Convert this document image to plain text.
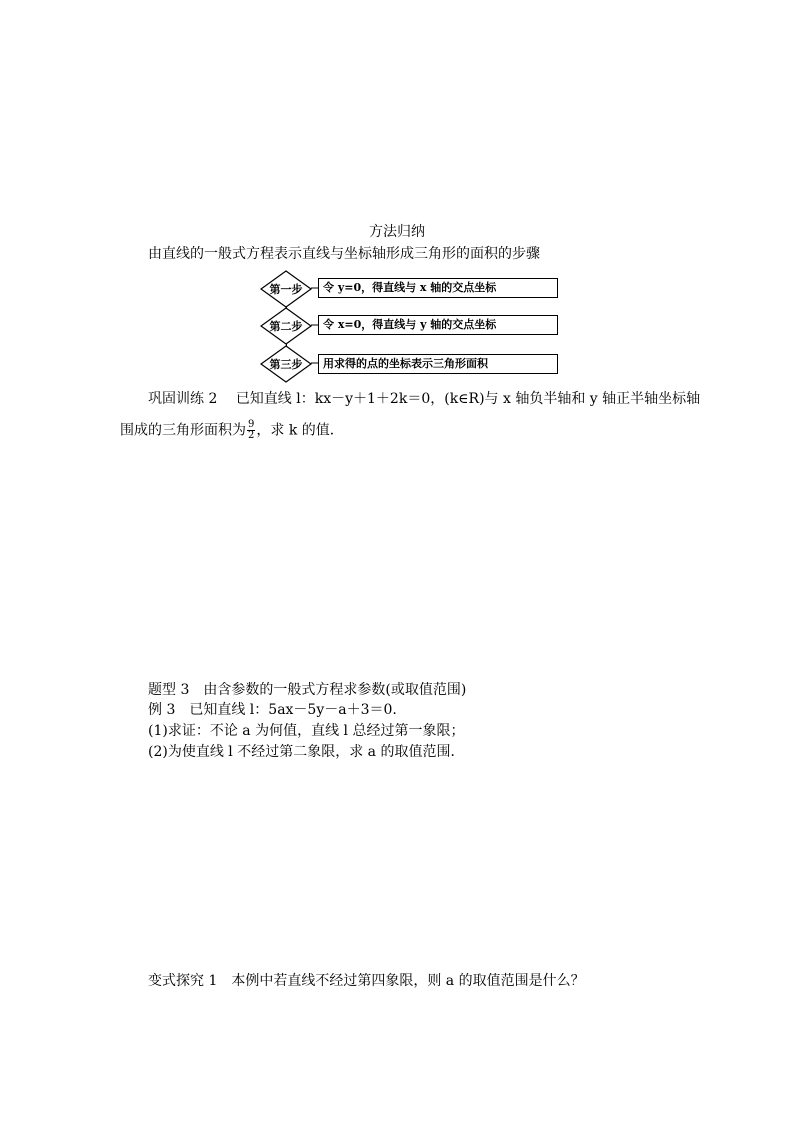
方法归纳
由直线的一般式方程表示直线与坐标轴形成三角形的面积的步骤
第一步	令 y=0，得直线与 x 轴的交点坐标
第二步	令 x=0，得直线与 y 轴的交点坐标
第三步	用求得的点的坐标表示三角形面积
巩固训练 2　 已知直线 l：kx－y＋1＋2k＝0，(k∈R)与 x 轴负半轴和 y 轴正半轴坐标轴
围成的三角形面积为 $\frac{9}{2}$ ，求 k 的值．
题型 3　由含参数的一般式方程求参数(或取值范围)
例 3　已知直线 l：5ax－5y－a＋3＝0.
(1)求证：不论 a 为何值，直线 l 总经过第一象限；
(2)为使直线 l 不经过第二象限，求 a 的取值范围．
变式探究 1　本例中若直线不经过第四象限，则 a 的取值范围是什么？
